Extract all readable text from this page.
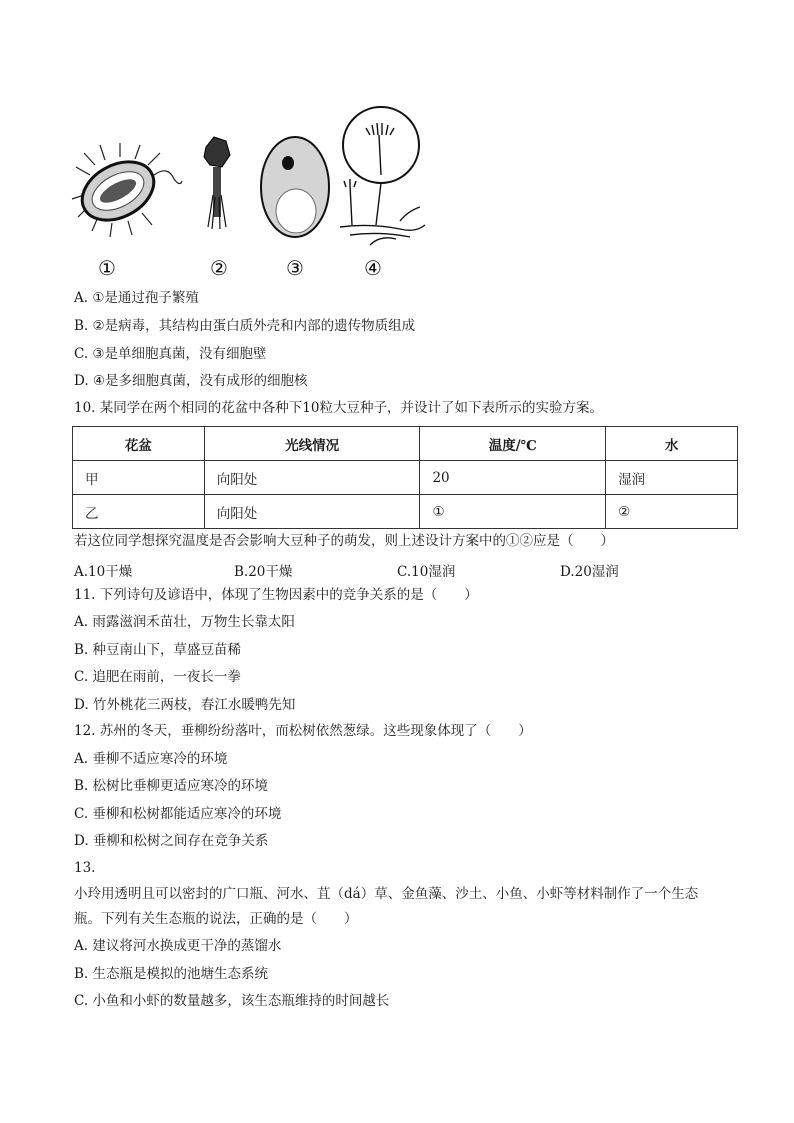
①	②	③	④
A. ①是通过孢子繁殖
B. ②是病毒，其结构由蛋白质外壳和内部的遗传物质组成
C. ③是单细胞真菌，没有细胞壁
D. ④是多细胞真菌，没有成形的细胞核
10. 某同学在两个相同的花盆中各种下10粒大豆种子，并设计了如下表所示的实验方案。
花盆	光线情况	温度/℃	水
甲	向阳处	20	湿润
乙	向阳处	①	②
若这位同学想探究温度是否会影响大豆种子的萌发，则上述设计方案中的①②应是（　　）
A.10干燥	B.20干燥	C.10湿润	D.20湿润
11. 下列诗句及谚语中，体现了生物因素中的竞争关系的是（　　）
A. 雨露滋润禾苗壮，万物生长靠太阳
B. 种豆南山下，草盛豆苗稀
C. 追肥在雨前，一夜长一拳
D. 竹外桃花三两枝，春江水暖鸭先知
12. 苏州的冬天，垂柳纷纷落叶，而松树依然葱绿。这些现象体现了（　　）
A. 垂柳不适应寒冷的环境
B. 松树比垂柳更适应寒冷的环境
C. 垂柳和松树都能适应寒冷的环境
D. 垂柳和松树之间存在竞争关系
13.
小玲用透明且可以密封的广口瓶、河水、苴（dá）草、金鱼藻、沙土、小鱼、小虾等材料制作了一个生态
瓶。下列有关生态瓶的说法，正确的是（　　）
A. 建议将河水换成更干净的蒸馏水
B. 生态瓶是模拟的池塘生态系统
C. 小鱼和小虾的数量越多，该生态瓶维持的时间越长
